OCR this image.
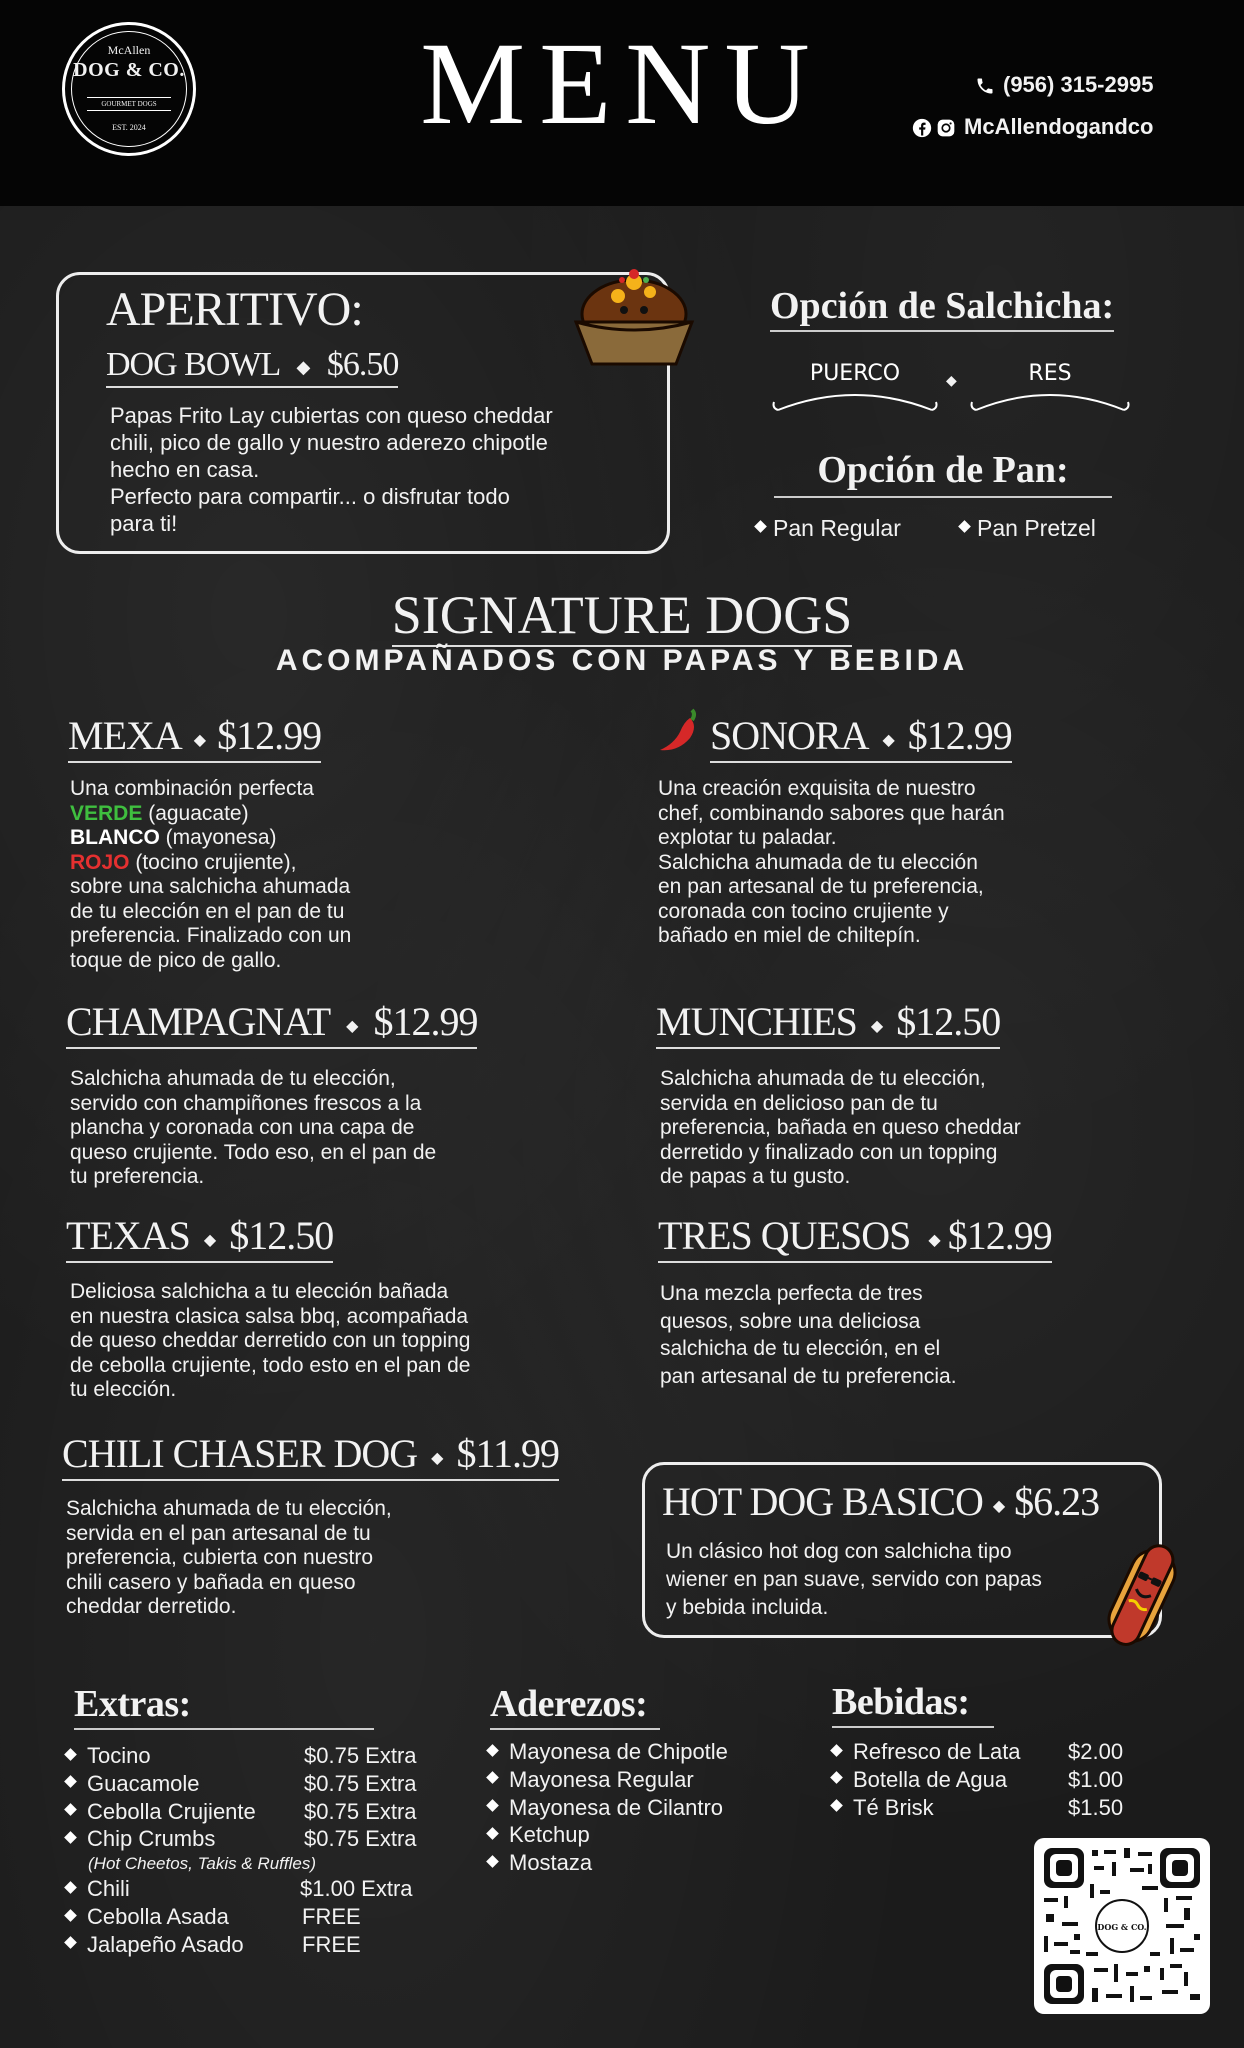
McAllen
DOG & CO.
GOURMET DOGS
EST. 2024	MENU	(956) 315-2995
McAllendogandco
APERITIVO:
DOG BOWL ◆ $6.50
Papas Frito Lay cubiertas con queso cheddar
chili, pico de gallo y nuestro aderezo chipotle
hecho en casa.
Perfecto para compartir... o disfrutar todo
para ti!
Opción de Salchicha:
PUERCO	◆	RES
Opción de Pan:
Pan Regular	Pan Pretzel
SIGNATURE DOGS
ACOMPAÑADOS CON PAPAS Y BEBIDA
MEXA ◆ $12.99
Una combinación perfecta
VERDE (aguacate)
BLANCO (mayonesa)
ROJO (tocino crujiente),
sobre una salchicha ahumada
de tu elección en el pan de tu
preferencia. Finalizado con un
toque de pico de gallo.
SONORA ◆ $12.99
Una creación exquisita de nuestro
chef, combinando sabores que harán
explotar tu paladar.
Salchicha ahumada de tu elección
en pan artesanal de tu preferencia,
coronada con tocino crujiente y
bañado en miel de chiltepín.
CHAMPAGNAT ◆ $12.99
Salchicha ahumada de tu elección,
servido con champiñones frescos a la
plancha y coronada con una capa de
queso crujiente. Todo eso, en el pan de
tu preferencia.
MUNCHIES ◆ $12.50
Salchicha ahumada de tu elección,
servida en delicioso pan de tu
preferencia, bañada en queso cheddar
derretido y finalizado con un topping
de papas a tu gusto.
TEXAS ◆ $12.50
Deliciosa salchicha a tu elección bañada
en nuestra clasica salsa bbq, acompañada
de queso cheddar derretido con un topping
de cebolla crujiente, todo esto en el pan de
tu elección.
TRES QUESOS ◆ $12.99
Una mezcla perfecta de tres
quesos, sobre una deliciosa
salchicha de tu elección, en el
pan artesanal de tu preferencia.
CHILI CHASER DOG ◆ $11.99
Salchicha ahumada de tu elección,
servida en el pan artesanal de tu
preferencia, cubierta con nuestro
chili casero y bañada en queso
cheddar derretido.
HOT DOG BASICO ◆ $6.23
Un clásico hot dog con salchicha tipo
wiener en pan suave, servido con papas
y bebida incluida.
Extras:
Tocino	$0.75 Extra
Guacamole	$0.75 Extra
Cebolla Crujiente $0.75 Extra
Chip Crumbs	$0.75 Extra
(Hot Cheetos, Takis & Ruffles)
Chili	$1.00 Extra
Cebolla Asada	FREE
Jalapeño Asado	FREE
Aderezos:
Mayonesa de Chipotle
Mayonesa Regular
Mayonesa de Cilantro
Ketchup
Mostaza
Bebidas:
Refresco de Lata $2.00
Botella de Agua	$1.00
Té Brisk	$1.50
DOG & CO.
